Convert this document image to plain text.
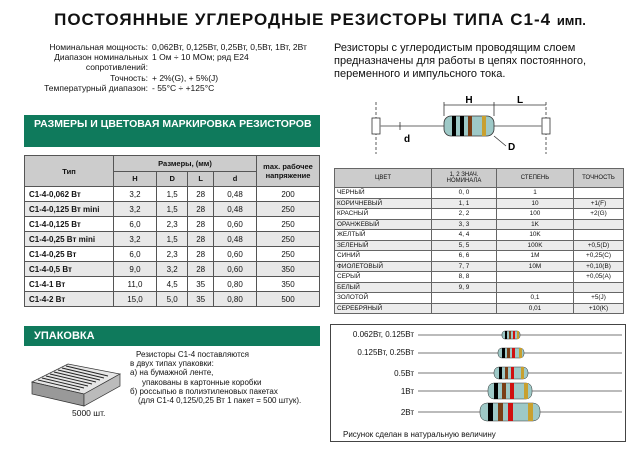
ПОСТОЯННЫЕ УГЛЕРОДНЫЕ РЕЗИСТОРЫ ТИПА С1-4 имп.
Номинальная мощность: 0,062Вт, 0,125Вт, 0,25Вт, 0,5Вт, 1Вт, 2Вт
Диапазон номинальных сопротивлений:
1 Ом ÷ 10 МОм; ряд Е24
Точность: + 2%(G), + 5%(J)
Температурный диапазон: - 55°С ÷ +125°С
Резисторы с углеродистым проводящим слоем предназначены для работы в цепях постоянного, переменного и импульсного тока.
H	L
d
D
РАЗМЕРЫ И ЦВЕТОВАЯ МАРКИРОВКА РЕЗИСТОРОВ
Тип	Размеры, (мм)				max. рабочее напряжение
	H	D	L	d	
С1-4-0,062 Вт	3,2	1,5	28	0,48	200
С1-4-0,125 Вт mini	3,2	1,5	28	0,48	250
С1-4-0,125 Вт	6,0	2,3	28	0,60	250
С1-4-0,25 Вт mini	3,2	1,5	28	0,48	250
С1-4-0,25 Вт	6,0	2,3	28	0,60	250
С1-4-0,5 Вт	9,0	3,2	28	0,60	350
С1-4-1 Вт	11,0	4,5	35	0,80	350
С1-4-2 Вт	15,0	5,0	35	0,80	500
ЦВЕТ	1, 2 ЗНАЧ. НОМИНАЛА	СТЕПЕНЬ	ТОЧНОСТЬ
ЧЕРНЫЙ	0, 0	1	
КОРИЧНЕВЫЙ	1, 1	10	+1(F)
КРАСНЫЙ	2, 2	100	+2(G)
ОРАНЖЕВЫЙ	3, 3	1K	
ЖЕЛТЫЙ	4, 4	10K	
ЗЕЛЕНЫЙ	5, 5	100K	+0,5(D)
СИНИЙ	6, 6	1M	+0,25(C)
ФИОЛЕТОВЫЙ	7, 7	10M	+0,10(B)
СЕРЫЙ	8, 8		+0,05(A)
БЕЛЫЙ	9, 9		
ЗОЛОТОЙ		0,1	+5(J)
СЕРЕБРЯНЫЙ		0,01	+10(K)
УПАКОВКА
5000 шт.
Резисторы С1-4 поставляются
в двух типах упаковки:
а) на бумажной ленте,
упакованы в картонные коробки
б) россыпью в полиэтиленовых пакетах
(для С1-4 0,125/0,25 Вт 1 пакет = 500 штук).
0.062Вт, 0.125Вт
0.125Вт, 0.25Вт
0.5Вт
1Вт
2Вт
Рисунок сделан в натуральную величину
